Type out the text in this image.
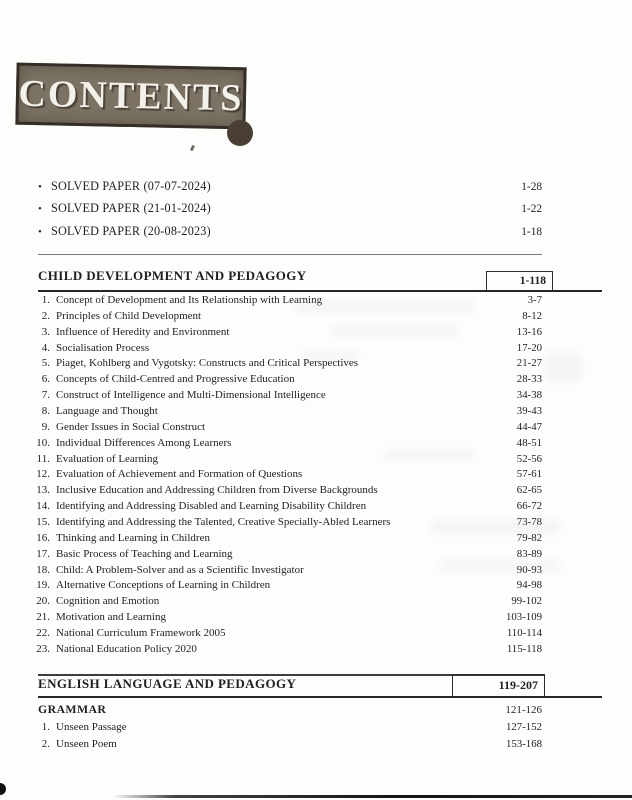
CONTENTS
• SOLVED PAPER (07-07-2024)	1-28
• SOLVED PAPER (21-01-2024)	1-22
• SOLVED PAPER (20-08-2023)	1-18
CHILD DEVELOPMENT AND PEDAGOGY	1-118
1. Concept of Development and Its Relationship with Learning	3-7
2. Principles of Child Development	8-12
3. Influence of Heredity and Environment	13-16
4. Socialisation Process	17-20
5. Piaget, Kohlberg and Vygotsky: Constructs and Critical Perspectives	21-27
6. Concepts of Child-Centred and Progressive Education	28-33
7. Construct of Intelligence and Multi-Dimensional Intelligence	34-38
8. Language and Thought	39-43
9. Gender Issues in Social Construct	44-47
10. Individual Differences Among Learners	48-51
11. Evaluation of Learning	52-56
12. Evaluation of Achievement and Formation of Questions	57-61
13. Inclusive Education and Addressing Children from Diverse Backgrounds	62-65
14. Identifying and Addressing Disabled and Learning Disability Children	66-72
15. Identifying and Addressing the Talented, Creative Specially-Abled Learners	73-78
16. Thinking and Learning in Children	79-82
17. Basic Process of Teaching and Learning	83-89
18. Child: A Problem-Solver and as a Scientific Investigator	90-93
19. Alternative Conceptions of Learning in Children	94-98
20. Cognition and Emotion	99-102
21. Motivation and Learning	103-109
22. National Curriculum Framework 2005	110-114
23. National Education Policy 2020	115-118
ENGLISH LANGUAGE AND PEDAGOGY	119-207
GRAMMAR	121-126
1. Unseen Passage	127-152
2. Unseen Poem	153-168
